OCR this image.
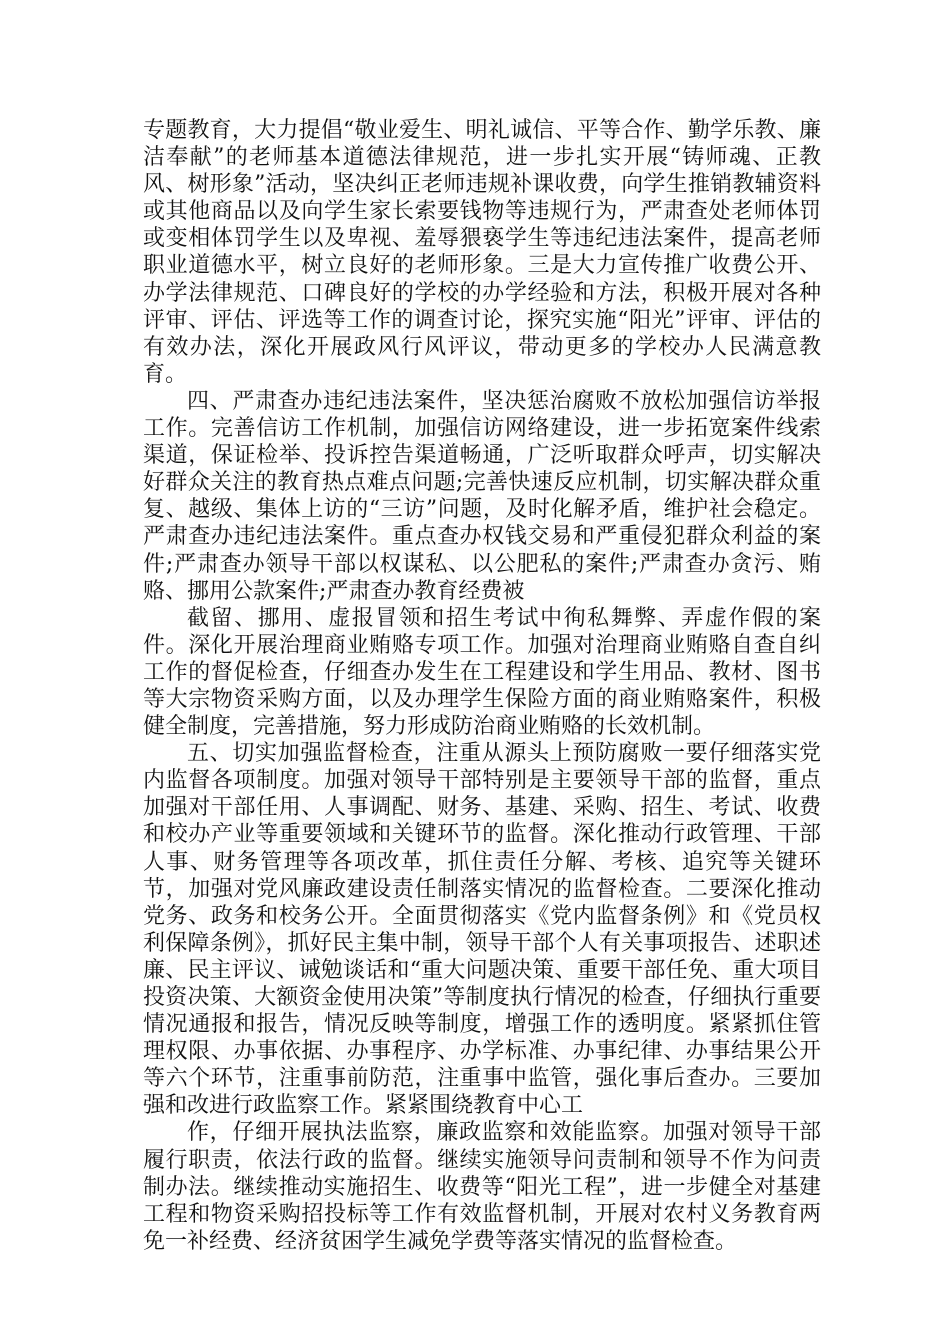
专题教育，大力提倡“敬业爱生、明礼诚信、平等合作、勤学乐教、廉洁奉献”的老师基本道德法律规范，进一步扎实开展“铸师魂、正教风、树形象”活动，坚决纠正老师违规补课收费，向学生推销教辅资料或其他商品以及向学生家长索要钱物等违规行为，严肃查处老师体罚或变相体罚学生以及卑视、羞辱猥亵学生等违纪违法案件，提高老师职业道德水平，树立良好的老师形象。三是大力宣传推广收费公开、办学法律规范、口碑良好的学校的办学经验和方法，积极开展对各种评审、评估、评选等工作的调查讨论，探究实施“阳光”评审、评估的有效办法，深化开展政风行风评议，带动更多的学校办人民满意教育。

四、严肃查办违纪违法案件，坚决惩治腐败不放松加强信访举报工作。完善信访工作机制，加强信访网络建设，进一步拓宽案件线索渠道，保证检举、投诉控告渠道畅通，广泛听取群众呼声，切实解决好群众关注的教育热点难点问题;完善快速反应机制，切实解决群众重复、越级、集体上访的“三访”问题，及时化解矛盾，维护社会稳定。严肃查办违纪违法案件。重点查办权钱交易和严重侵犯群众利益的案件;严肃查办领导干部以权谋私、以公肥私的案件;严肃查办贪污、贿赂、挪用公款案件;严肃查办教育经费被

截留、挪用、虚报冒领和招生考试中徇私舞弊、弄虚作假的案件。深化开展治理商业贿赂专项工作。加强对治理商业贿赂自查自纠工作的督促检查，仔细查办发生在工程建设和学生用品、教材、图书等大宗物资采购方面，以及办理学生保险方面的商业贿赂案件，积极健全制度，完善措施，努力形成防治商业贿赂的长效机制。

五、切实加强监督检查，注重从源头上预防腐败一要仔细落实党内监督各项制度。加强对领导干部特别是主要领导干部的监督，重点加强对干部任用、人事调配、财务、基建、采购、招生、考试、收费和校办产业等重要领域和关键环节的监督。深化推动行政管理、干部人事、财务管理等各项改革，抓住责任分解、考核、追究等关键环节，加强对党风廉政建设责任制落实情况的监督检查。二要深化推动党务、政务和校务公开。全面贯彻落实《党内监督条例》和《党员权利保障条例》，抓好民主集中制，领导干部个人有关事项报告、述职述廉、民主评议、诫勉谈话和“重大问题决策、重要干部任免、重大项目投资决策、大额资金使用决策”等制度执行情况的检查，仔细执行重要情况通报和报告，情况反映等制度，增强工作的透明度。紧紧抓住管理权限、办事依据、办事程序、办学标准、办事纪律、办事结果公开等六个环节，注重事前防范，注重事中监管，强化事后查办。三要加强和改进行政监察工作。紧紧围绕教育中心工

作，仔细开展执法监察，廉政监察和效能监察。加强对领导干部履行职责，依法行政的监督。继续实施领导问责制和领导不作为问责制办法。继续推动实施招生、收费等“阳光工程”，进一步健全对基建工程和物资采购招投标等工作有效监督机制，开展对农村义务教育两免一补经费、经济贫困学生减免学费等落实情况的监督检查。
